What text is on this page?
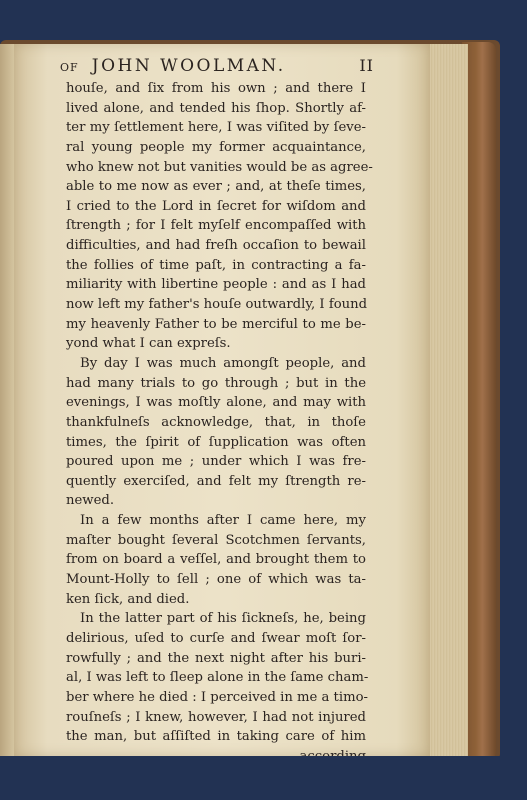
OF JOHN WOOLMAN.	II
houſe, and ſix from his own ; and there I
lived alone, and tended his ſhop. Shortly af-
ter my ſettlement here, I was viſited by ſeve-
ral young people my former acquaintance,
who knew not but vanities would be as agree-
able to me now as ever ; and, at theſe times,
I cried to the Lord in ſecret for wiſdom and
ſtrength ; for I felt myſelf encompaſſed with
difficulties, and had freſh occaſion to bewail
the follies of time paſt, in contracting a fa-
miliarity with libertine people : and as I had
now left my father's houſe outwardly, I found
my heavenly Father to be merciful to me be-
yond what I can expreſs.
By day I was much amongſt people, and
had many trials to go through ; but in the
evenings, I was moſtly alone, and may with
thankfulneſs acknowledge, that, in thoſe
times, the ſpirit of ſupplication was often
poured upon me ; under which I was fre-
quently exerciſed, and felt my ſtrength re-
newed.
In a few months after I came here, my
maſter bought ſeveral Scotchmen ſervants,
from on board a veſſel, and brought them to
Mount-Holly to ſell ; one of which was ta-
ken ſick, and died.
In the latter part of his ſickneſs, he, being
delirious, uſed to curſe and ſwear moſt ſor-
rowfully ; and the next night after his buri-
al, I was left to ſleep alone in the ſame cham-
ber where he died : I perceived in me a timo-
rouſneſs ; I knew, however, I had not injured
the man, but aſſiſted in taking care of him
